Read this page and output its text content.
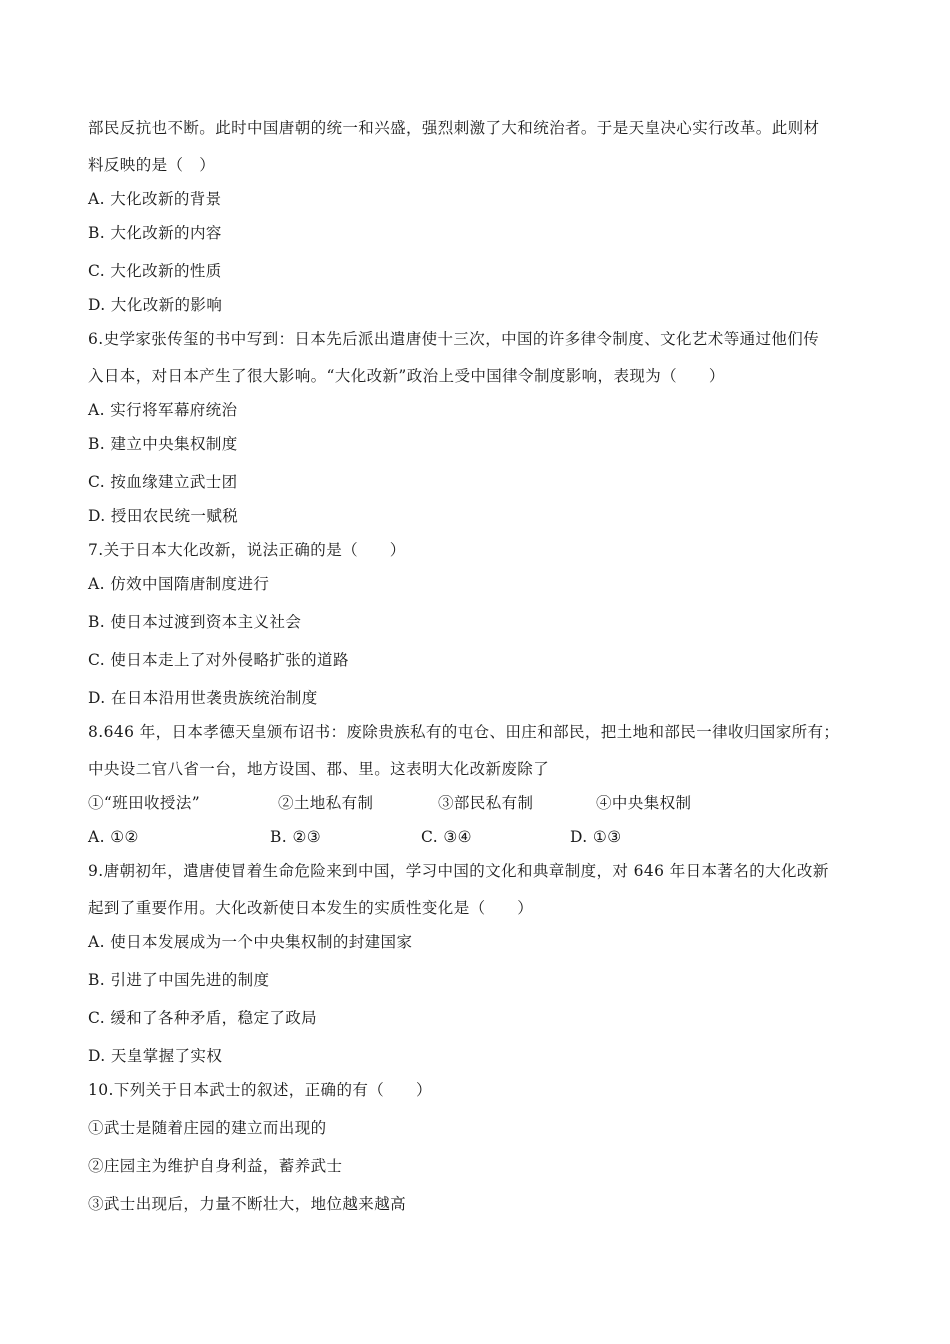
部民反抗也不断。此时中国唐朝的统一和兴盛，强烈刺激了大和统治者。于是天皇决心实行改革。此则材
料反映的是（　）
A. 大化改新的背景
B. 大化改新的内容
C. 大化改新的性质
D. 大化改新的影响
6.史学家张传玺的书中写到：日本先后派出遣唐使十三次，中国的许多律令制度、文化艺术等通过他们传
入日本，对日本产生了很大影响。“大化改新”政治上受中国律令制度影响，表现为（　　）
A. 实行将军幕府统治
B. 建立中央集权制度
C. 按血缘建立武士团
D. 授田农民统一赋税
7.关于日本大化改新，说法正确的是（　　）
A. 仿效中国隋唐制度进行
B. 使日本过渡到资本主义社会
C. 使日本走上了对外侵略扩张的道路
D. 在日本沿用世袭贵族统治制度
8.646 年，日本孝德天皇颁布诏书：废除贵族私有的屯仓、田庄和部民，把土地和部民一律收归国家所有；
中央设二官八省一台，地方设国、郡、里。这表明大化改新废除了
①“班田收授法”	②土地私有制	③部民私有制	④中央集权制
A. ①②	B. ②③	C. ③④	D. ①③
9.唐朝初年，遣唐使冒着生命危险来到中国，学习中国的文化和典章制度，对 646 年日本著名的大化改新
起到了重要作用。大化改新使日本发生的实质性变化是（　　）
A. 使日本发展成为一个中央集权制的封建国家
B. 引进了中国先进的制度
C. 缓和了各种矛盾，稳定了政局
D. 天皇掌握了实权
10.下列关于日本武士的叙述，正确的有（　　）
①武士是随着庄园的建立而出现的
②庄园主为维护自身利益，蓄养武士
③武士出现后，力量不断壮大，地位越来越高
